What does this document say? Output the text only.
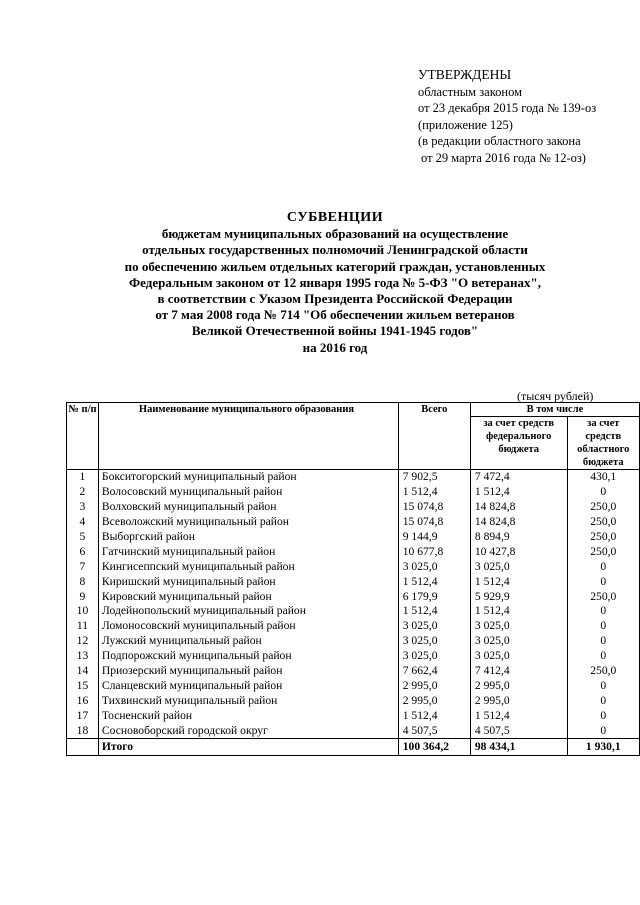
УТВЕРЖДЕНЫ
областным законом
от 23 декабря 2015 года № 139-оз
(приложение 125)
(в редакции областного закона
от 29 марта 2016 года № 12-оз)
СУБВЕНЦИИ
бюджетам муниципальных образований на осуществление
отдельных государственных полномочий Ленинградской области
по обеспечению жильем отдельных категорий граждан, установленных
Федеральным законом от 12 января 1995 года № 5-ФЗ "О ветеранах",
в соответствии с Указом Президента Российской Федерации
от 7 мая 2008 года № 714 "Об обеспечении жильем ветеранов
Великой Отечественной войны 1941-1945 годов"
на 2016 год
(тысяч рублей)
№ п/п	Наименование муниципального образования	Всего	В том числе	
			за счет средств федерального бюджета	за счет средств областного бюджета
1	Бокситогорский муниципальный район	7 902,5	7 472,4	430,1
2	Волосовский муниципальный район	1 512,4	1 512,4	0
3	Волховский муниципальный район	15 074,8	14 824,8	250,0
4	Всеволожский муниципальный район	15 074,8	14 824,8	250,0
5	Выборгский район	9 144,9	8 894,9	250,0
6	Гатчинский муниципальный район	10 677,8	10 427,8	250,0
7	Кингисеппский муниципальный район	3 025,0	3 025,0	0
8	Киришский муниципальный район	1 512,4	1 512,4	0
9	Кировский муниципальный район	6 179,9	5 929,9	250,0
10	Лодейнопольский муниципальный район	1 512,4	1 512,4	0
11	Ломоносовский муниципальный район	3 025,0	3 025,0	0
12	Лужский муниципальный район	3 025,0	3 025,0	0
13	Подпорожский муниципальный район	3 025,0	3 025,0	0
14	Приозерский муниципальный район	7 662,4	7 412,4	250,0
15	Сланцевский муниципальный район	2 995,0	2 995,0	0
16	Тихвинский муниципальный район	2 995,0	2 995,0	0
17	Тосненский район	1 512,4	1 512,4	0
18	Сосновоборский городской округ	4 507,5	4 507,5	0
	Итого	100 364,2	98 434,1	1 930,1
